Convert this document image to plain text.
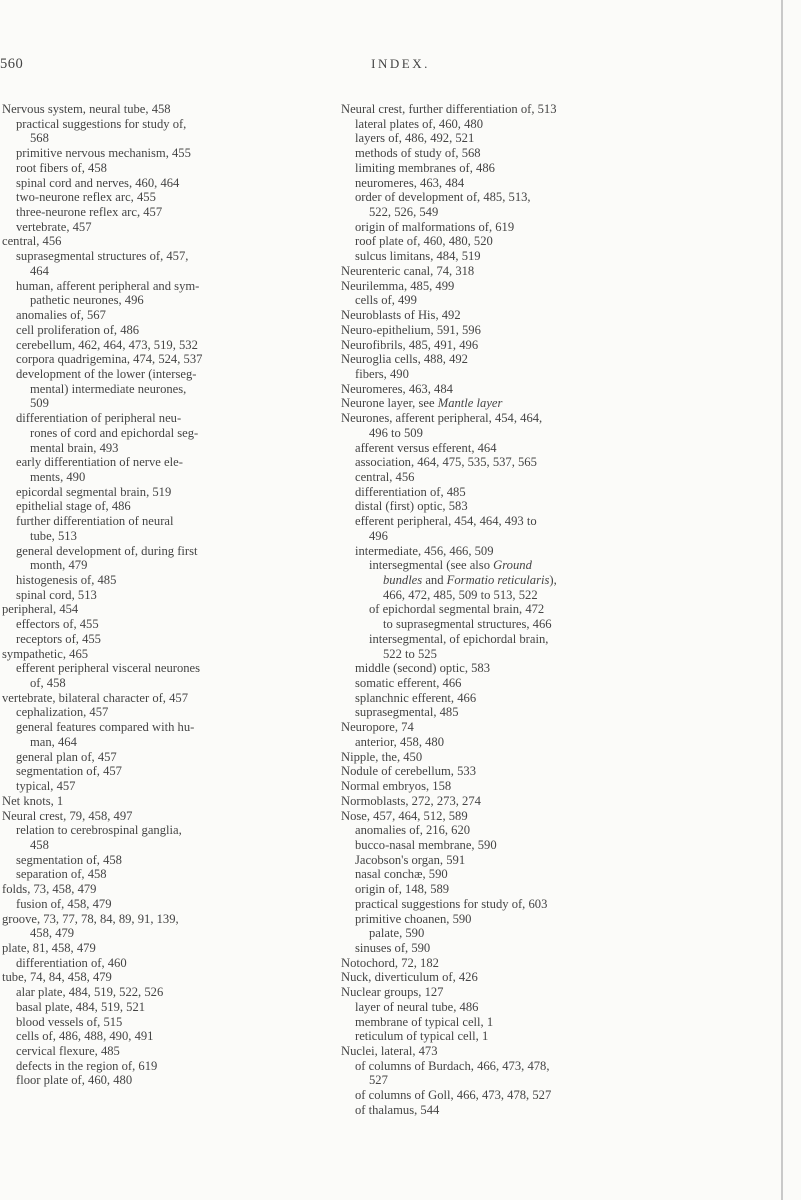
560	INDEX.
Nervous system, neural tube, 458
practical suggestions for study of,
568
primitive nervous mechanism, 455
root fibers of, 458
spinal cord and nerves, 460, 464
two-neurone reflex arc, 455
three-neurone reflex arc, 457
vertebrate, 457
central, 456
suprasegmental structures of, 457,
464
human, afferent peripheral and sym-
pathetic neurones, 496
anomalies of, 567
cell proliferation of, 486
cerebellum, 462, 464, 473, 519, 532
corpora quadrigemina, 474, 524, 537
development of the lower (interseg-
mental) intermediate neurones,
509
differentiation of peripheral neu-
rones of cord and epichordal seg-
mental brain, 493
early differentiation of nerve ele-
ments, 490
epicordal segmental brain, 519
epithelial stage of, 486
further differentiation of neural
tube, 513
general development of, during first
month, 479
histogenesis of, 485
spinal cord, 513
peripheral, 454
effectors of, 455
receptors of, 455
sympathetic, 465
efferent peripheral visceral neurones
of, 458
vertebrate, bilateral character of, 457
cephalization, 457
general features compared with hu-
man, 464
general plan of, 457
segmentation of, 457
typical, 457
Net knots, 1
Neural crest, 79, 458, 497
relation to cerebrospinal ganglia,
458
segmentation of, 458
separation of, 458
folds, 73, 458, 479
fusion of, 458, 479
groove, 73, 77, 78, 84, 89, 91, 139,
458, 479
plate, 81, 458, 479
differentiation of, 460
tube, 74, 84, 458, 479
alar plate, 484, 519, 522, 526
basal plate, 484, 519, 521
blood vessels of, 515
cells of, 486, 488, 490, 491
cervical flexure, 485
defects in the region of, 619
floor plate of, 460, 480
Neural crest, further differentiation of, 513
lateral plates of, 460, 480
layers of, 486, 492, 521
methods of study of, 568
limiting membranes of, 486
neuromeres, 463, 484
order of development of, 485, 513,
522, 526, 549
origin of malformations of, 619
roof plate of, 460, 480, 520
sulcus limitans, 484, 519
Neurenteric canal, 74, 318
Neurilemma, 485, 499
cells of, 499
Neuroblasts of His, 492
Neuro-epithelium, 591, 596
Neurofibrils, 485, 491, 496
Neuroglia cells, 488, 492
fibers, 490
Neuromeres, 463, 484
Neurone layer, see Mantle layer
Neurones, afferent peripheral, 454, 464,
496 to 509
afferent versus efferent, 464
association, 464, 475, 535, 537, 565
central, 456
differentiation of, 485
distal (first) optic, 583
efferent peripheral, 454, 464, 493 to
496
intermediate, 456, 466, 509
intersegmental (see also Ground
bundles and Formatio reticularis),
466, 472, 485, 509 to 513, 522
of epichordal segmental brain, 472
to suprasegmental structures, 466
intersegmental, of epichordal brain,
522 to 525
middle (second) optic, 583
somatic efferent, 466
splanchnic efferent, 466
suprasegmental, 485
Neuropore, 74
anterior, 458, 480
Nipple, the, 450
Nodule of cerebellum, 533
Normal embryos, 158
Normoblasts, 272, 273, 274
Nose, 457, 464, 512, 589
anomalies of, 216, 620
bucco-nasal membrane, 590
Jacobson's organ, 591
nasal conchæ, 590
origin of, 148, 589
practical suggestions for study of, 603
primitive choanen, 590
palate, 590
sinuses of, 590
Notochord, 72, 182
Nuck, diverticulum of, 426
Nuclear groups, 127
layer of neural tube, 486
membrane of typical cell, 1
reticulum of typical cell, 1
Nuclei, lateral, 473
of columns of Burdach, 466, 473, 478,
527
of columns of Goll, 466, 473, 478, 527
of thalamus, 544
